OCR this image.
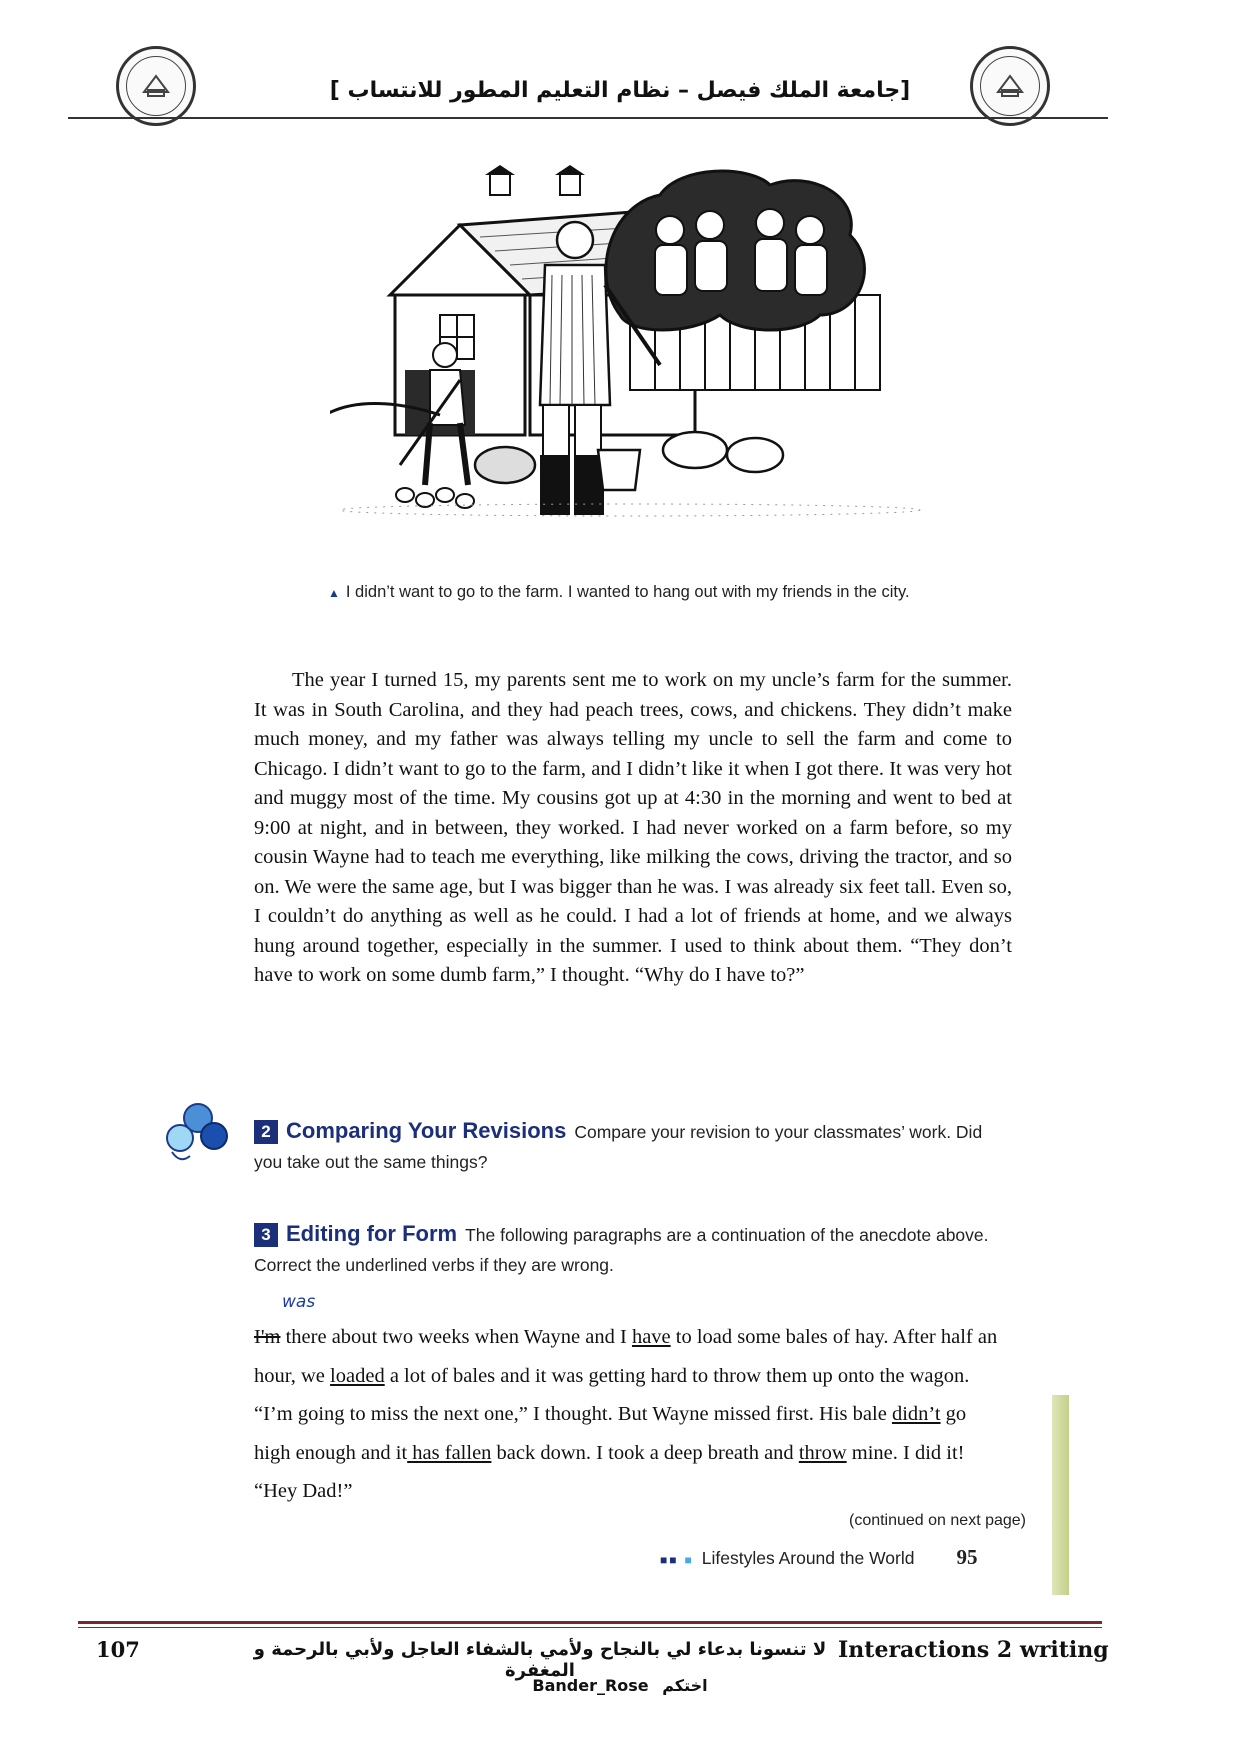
[جامعة الملك فيصل – نظام التعليم المطور للانتساب ]
▲ I didn’t want to go to the farm. I wanted to hang out with my friends in the city.

The year I turned 15, my parents sent me to work on my uncle’s farm for the summer. It was in South Carolina, and they had peach trees, cows, and chickens. They didn’t make much money, and my father was always telling my uncle to sell the farm and come to Chicago. I didn’t want to go to the farm, and I didn’t like it when I got there. It was very hot and muggy most of the time. My cousins got up at 4:30 in the morning and went to bed at 9:00 at night, and in between, they worked. I had never worked on a farm before, so my cousin Wayne had to teach me everything, like milking the cows, driving the tractor, and so on. We were the same age, but I was bigger than he was. I was already six feet tall. Even so, I couldn’t do anything as well as he could. I had a lot of friends at home, and we always hung around together, especially in the summer. I used to think about them. “They don’t have to work on some dumb farm,” I thought. “Why do I have to?”

2 Comparing Your Revisions Compare your revision to your classmates’ work. Did you take out the same things?
3 Editing for Form The following paragraphs are a continuation of the anecdote above. Correct the underlined verbs if they are wrong.
was
I'm there about two weeks when Wayne and I have to load some bales of hay. After half an hour, we loaded a lot of bales and it was getting hard to throw them up onto the wagon. “I’m going to miss the next one,” I thought. But Wayne missed first. His bale didn’t go high enough and it has fallen back down. I took a deep breath and throw mine. I did it! “Hey Dad!”
(continued on next page)
■■ ■ Lifestyles Around the World 95
107	لا تنسونا بدعاء لي بالنجاح ولأمي بالشفاء العاجل ولأبي بالرحمة و المغفرة
Interactions 2 writing
Bander_Rose اختكم
